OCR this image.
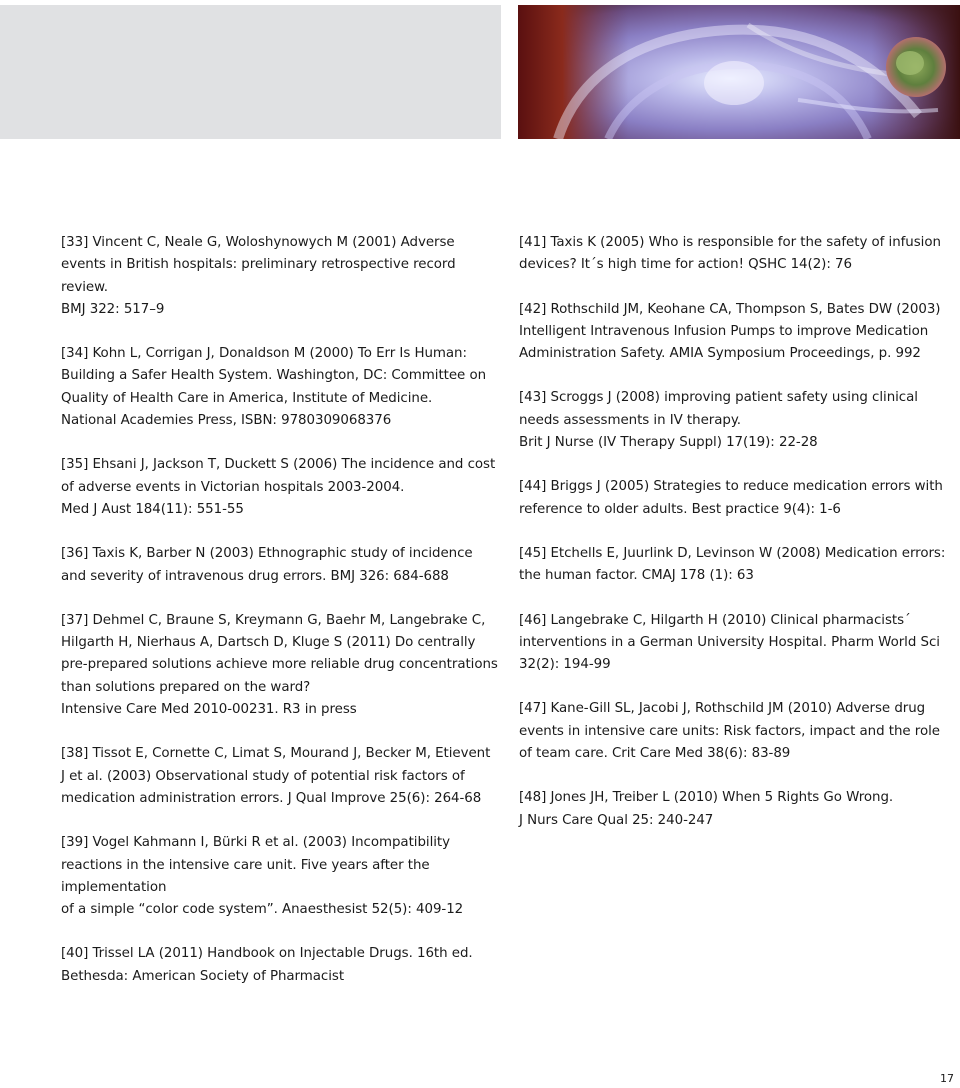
[33] Vincent C, Neale G, Woloshynowych M (2001) Adverse
events in British hospitals: preliminary retrospective record
review.
BMJ 322: 517–9

[34] Kohn L, Corrigan J, Donaldson M (2000) To Err Is Human:
Building a Safer Health System. Washington, DC: Committee on
Quality of Health Care in America, Institute of Medicine.
National Academies Press, ISBN: 9780309068376

[35] Ehsani J, Jackson T, Duckett S (2006) The incidence and cost
of adverse events in Victorian hospitals 2003-2004.
Med J Aust 184(11): 551-55

[36] Taxis K, Barber N (2003) Ethnographic study of incidence
and severity of intravenous drug errors. BMJ 326: 684-688

[37] Dehmel C, Braune S, Kreymann G, Baehr M, Langebrake C,
Hilgarth H, Nierhaus A, Dartsch D, Kluge S (2011) Do centrally
pre-prepared solutions achieve more reliable drug concentrations
than solutions prepared on the ward?
Intensive Care Med 2010-00231. R3 in press

[38] Tissot E, Cornette C, Limat S, Mourand J, Becker M, Etievent
J et al. (2003) Observational study of potential risk factors of
medication administration errors. J Qual Improve 25(6): 264-68

[39] Vogel Kahmann I, Bürki R et al. (2003) Incompatibility
reactions in the intensive care unit. Five years after the
implementation
of a simple “color code system”. Anaesthesist 52(5): 409-12

[40] Trissel LA (2011) Handbook on Injectable Drugs. 16th ed.
Bethesda: American Society of Pharmacist

[41] Taxis K (2005) Who is responsible for the safety of infusion
devices? It´s high time for action! QSHC 14(2): 76

[42] Rothschild JM, Keohane CA, Thompson S, Bates DW (2003)
Intelligent Intravenous Infusion Pumps to improve Medication
Administration Safety. AMIA Symposium Proceedings, p. 992

[43] Scroggs J (2008) improving patient safety using clinical
needs assessments in IV therapy.
Brit J Nurse (IV Therapy Suppl) 17(19): 22-28

[44] Briggs J (2005) Strategies to reduce medication errors with
reference to older adults. Best practice 9(4): 1-6

[45] Etchells E, Juurlink D, Levinson W (2008) Medication errors:
the human factor. CMAJ 178 (1): 63

[46] Langebrake C, Hilgarth H (2010) Clinical pharmacists´
interventions in a German University Hospital. Pharm World Sci
32(2): 194-99

[47] Kane-Gill SL, Jacobi J, Rothschild JM (2010) Adverse drug
events in intensive care units: Risk factors, impact and the role
of team care. Crit Care Med 38(6): 83-89

[48] Jones JH, Treiber L (2010) When 5 Rights Go Wrong.
J Nurs Care Qual 25: 240-247

17
